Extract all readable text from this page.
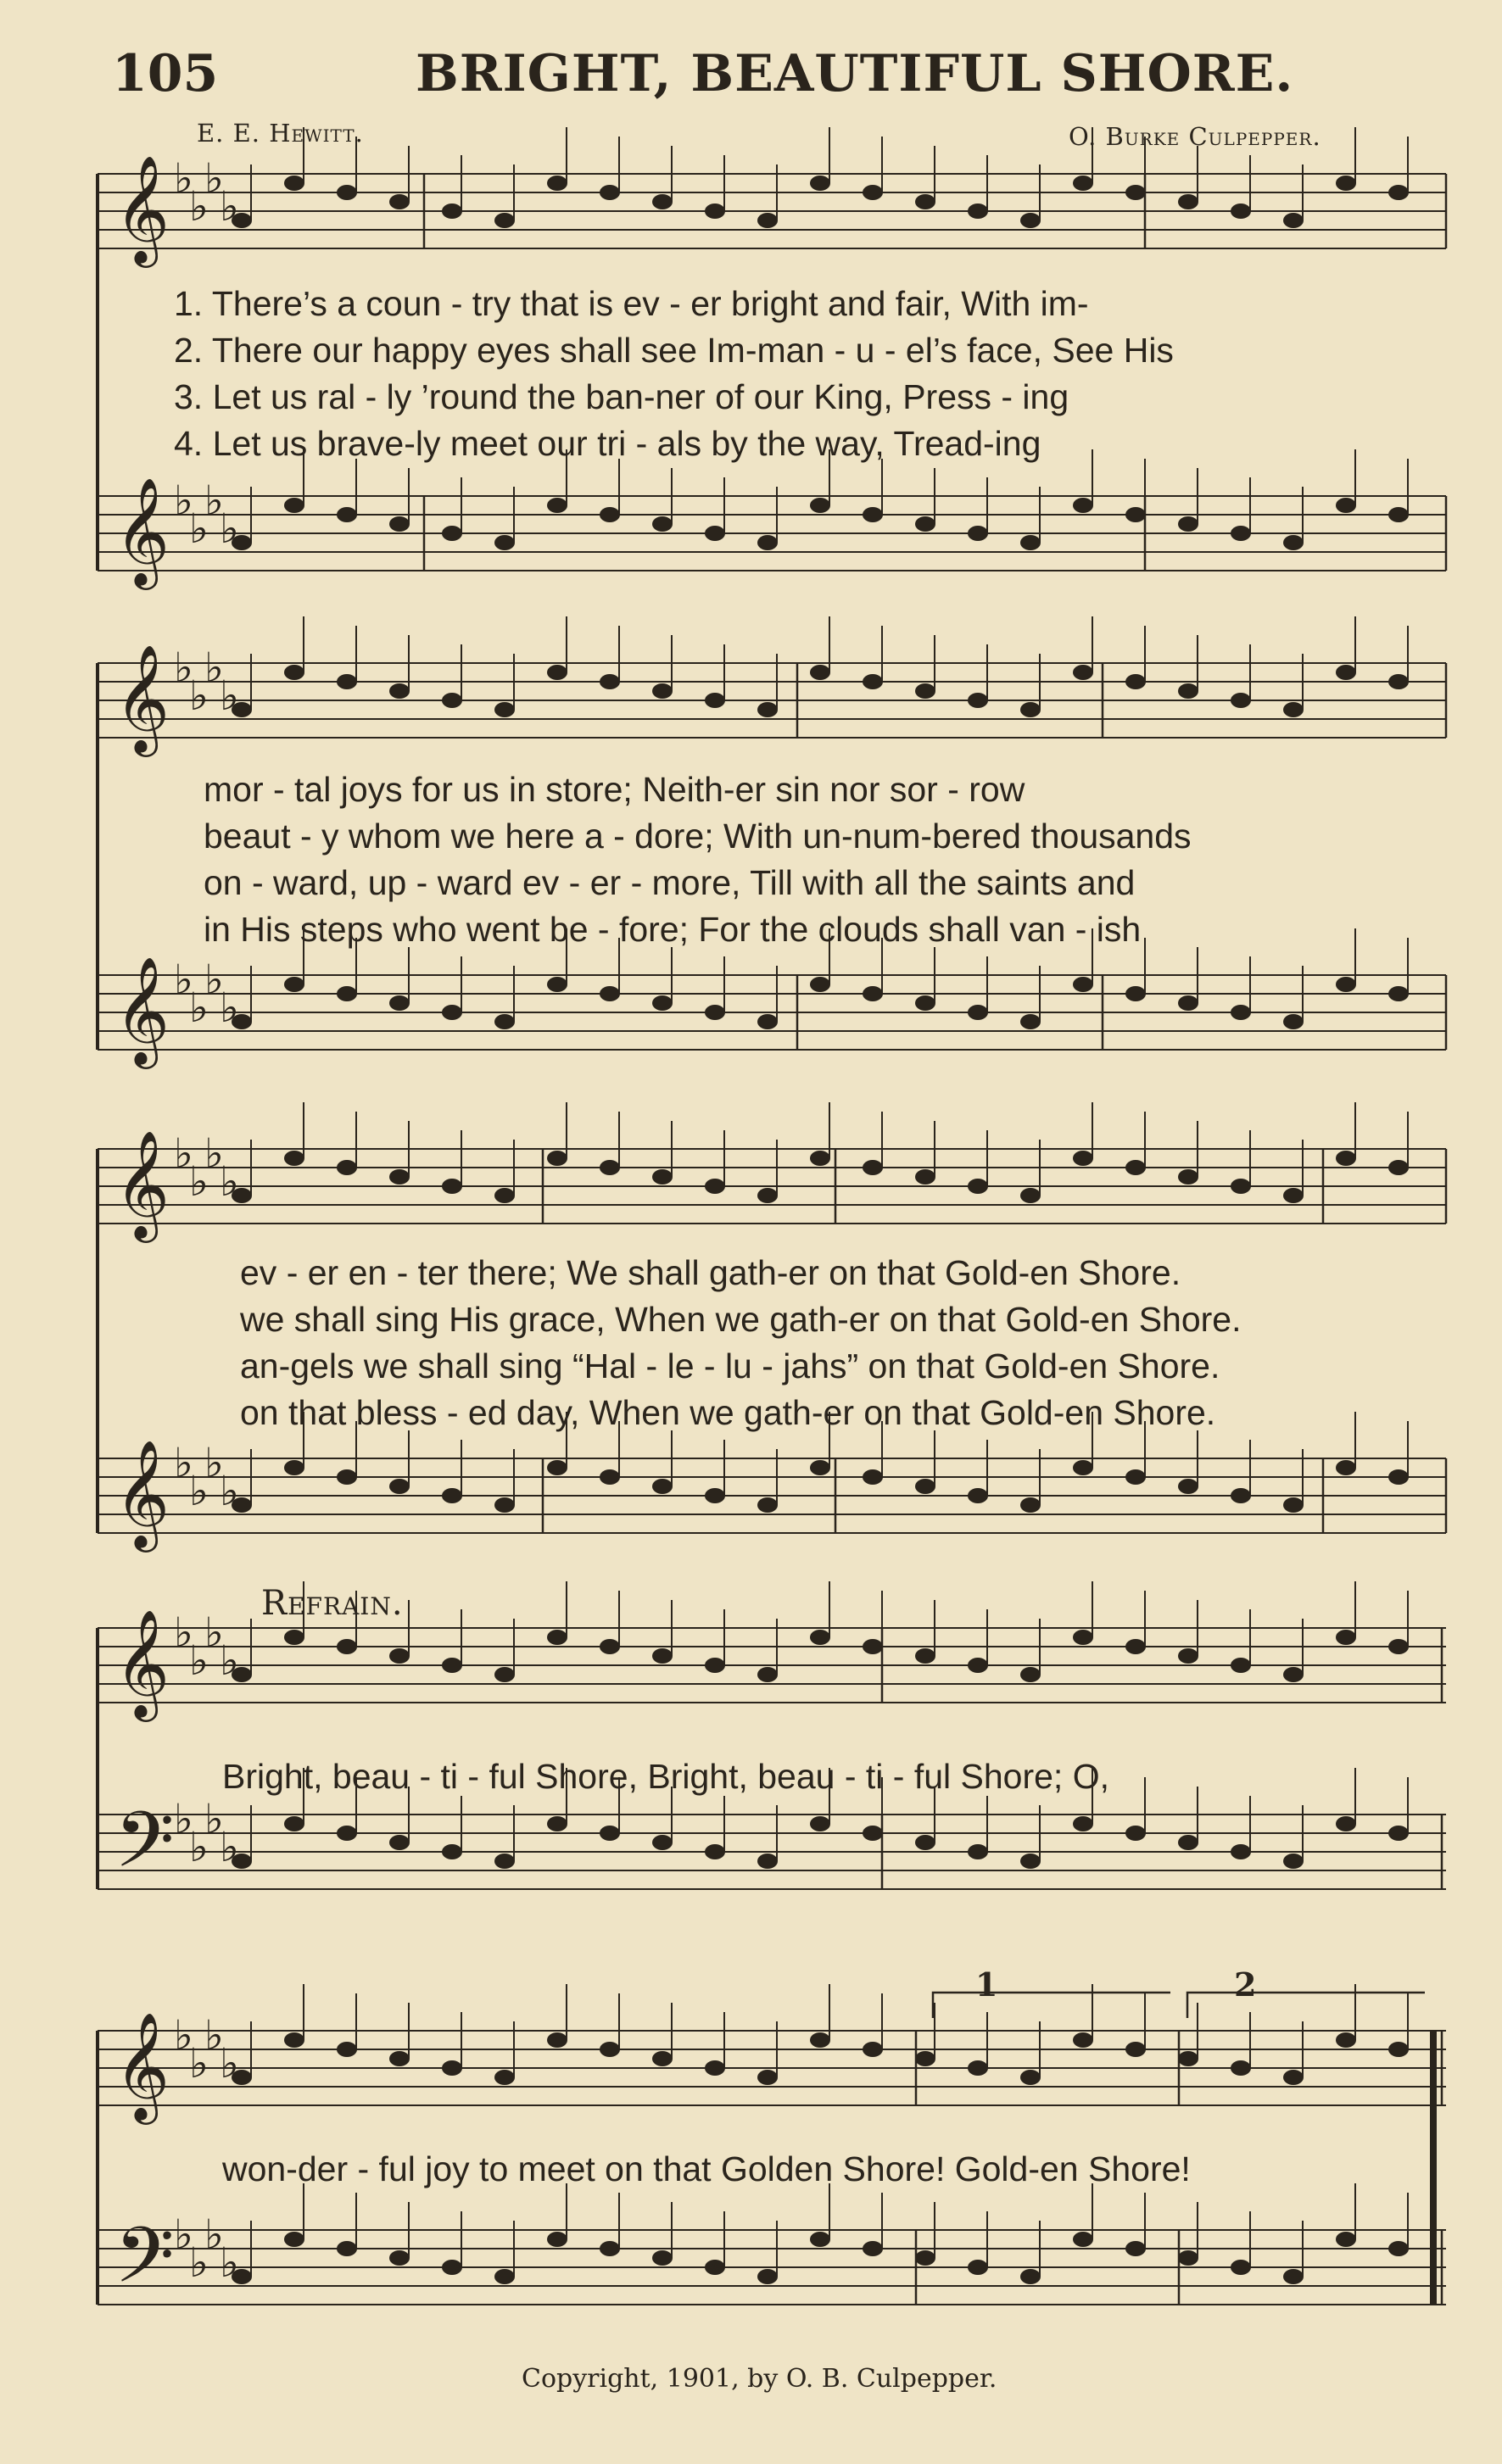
105	BRIGHT, BEAUTIFUL SHORE.
E. E. Hewitt.	O. Burke Culpepper.
𝄞 ♭
♭
♭
♭
𝄞 ♭
♭
♭
♭
𝄞 ♭
♭
♭
♭
𝄞 ♭
♭
♭
♭
𝄞 ♭
♭
♭
♭
𝄞 ♭
♭
♭
♭
𝄞 ♭
♭
♭
♭
𝄢 ♭
♭
♭
♭
𝄞 ♭
♭
♭
♭
𝄢 ♭
♭
♭
♭
1. There’s a coun - try that is ev - er bright and fair, With im-
2. There our happy eyes shall see Im-man - u - el’s face, See His
3. Let us ral - ly ’round the ban-ner of our King, Press - ing
4. Let us brave-ly meet our tri - als by the way, Tread-ing
mor - tal joys for us in store; Neith-er sin nor sor - row
beaut - y whom we here a - dore; With un-num-bered thousands
on - ward, up - ward ev - er - more, Till with all the saints and
in His steps who went be - fore; For the clouds shall van - ish
ev - er en - ter there; We shall gath-er on that Gold-en Shore.
we shall sing His grace, When we gath-er on that Gold-en Shore.
an-gels we shall sing “Hal - le - lu - jahs” on that Gold-en Shore.
on that bless - ed day, When we gath-er on that Gold-en Shore.
Refrain.
Bright, beau - ti - ful Shore, Bright, beau - ti - ful Shore; O,
won-der - ful joy to meet on that Golden Shore! Gold-en Shore!
1	2
Copyright, 1901, by O. B. Culpepper.
